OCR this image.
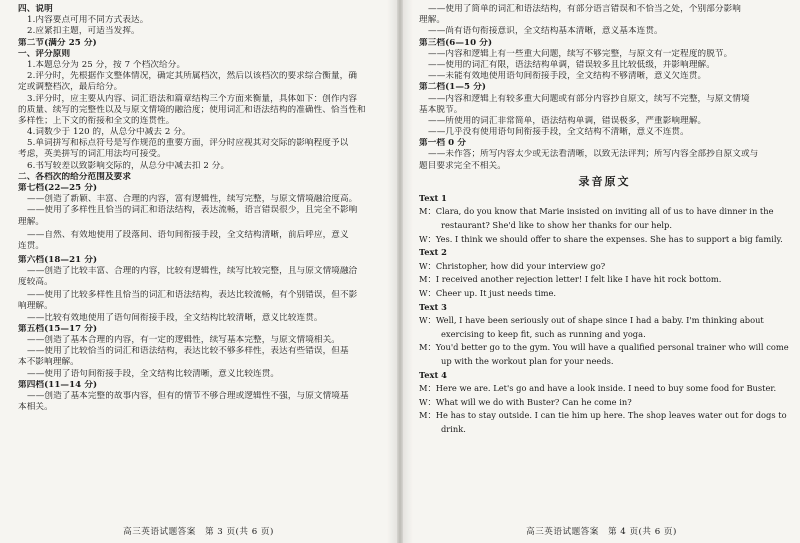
四、说明
1.内容要点可用不同方式表达。
2.应紧扣主题，可适当发挥。
第二节(满分 25 分)
一、评分原则
1.本题总分为 25 分，按 7 个档次给分。
2.评分时，先根据作文整体情况，确定其所属档次，然后以该档次的要求综合衡量，确
定或调整档次，最后给分。
3.评分时，应主要从内容、词汇语法和篇章结构三个方面来衡量，具体如下：创作内容
的质量、续写的完整性以及与原文情境的融洽度；使用词汇和语法结构的准确性、恰当性和
多样性；上下文的衔接和全文的连贯性。
4.词数少于 120 的，从总分中减去 2 分。
5.单词拼写和标点符号是写作规范的重要方面，评分时应视其对交际的影响程度予以
考虑，英美拼写的词汇用法均可接受。
6.书写较差以致影响交际的，从总分中减去扣 2 分。
二、各档次的给分范围及要求
第七档(22—25 分)
——创造了新颖、丰富、合理的内容，富有逻辑性，续写完整，与原文情境融洽度高。
——使用了多样性且恰当的词汇和语法结构，表达流畅，语言错误很少，且完全不影响
理解。
——自然、有效地使用了段落间、语句间衔接手段，全文结构清晰，前后呼应，意义
连贯。
第六档(18—21 分)
——创造了比较丰富、合理的内容，比较有逻辑性，续写比较完整，且与原文情境融洽
度较高。
——使用了比较多样性且恰当的词汇和语法结构，表达比较流畅，有个别错误，但不影
响理解。
——比较有效地使用了语句间衔接手段，全文结构比较清晰，意义比较连贯。
第五档(15—17 分)
——创造了基本合理的内容，有一定的逻辑性，续写基本完整，与原文情境相关。
——使用了比较恰当的词汇和语法结构，表达比较不够多样性，表达有些错误，但基
本不影响理解。
——使用了语句间衔接手段，全文结构比较清晰，意义比较连贯。
第四档(11—14 分)
——创造了基本完整的故事内容，但有的情节不够合理或逻辑性不强，与原文情境基
本相关。
高三英语试题答案　第 3 页(共 6 页)
——使用了简单的词汇和语法结构，有部分语言错误和不恰当之处，个别部分影响
理解。
——尚有语句衔接意识，全文结构基本清晰，意义基本连贯。
第三档(6—10 分)
——内容和逻辑上有一些重大问题，续写不够完整，与原文有一定程度的脱节。
——使用的词汇有限，语法结构单调，错误较多且比较低级，并影响理解。
——未能有效地使用语句间衔接手段，全文结构不够清晰，意义欠连贯。
第二档(1—5 分)
——内容和逻辑上有较多重大问题或有部分内容抄自原文，续写不完整，与原文情境
基本脱节。
——所使用的词汇非常简单，语法结构单调，错误极多，严重影响理解。
——几乎没有使用语句间衔接手段，全文结构不清晰，意义不连贯。
第一档 0 分
——未作答；所写内容太少或无法看清晰，以致无法评判；所写内容全部抄自原文或与
题目要求完全不相关。
录音原文
Text 1
M：Clara, do you know that Marie insisted on inviting all of us to have dinner in the
restaurant? She'd like to show her thanks for our help.
W：Yes. I think we should offer to share the expenses. She has to support a big family.
Text 2
W：Christopher, how did your interview go?
M：I received another rejection letter! I felt like I have hit rock bottom.
W：Cheer up. It just needs time.
Text 3
W：Well, I have been seriously out of shape since I had a baby. I'm thinking about
exercising to keep fit, such as running and yoga.
M：You'd better go to the gym. You will have a qualified personal trainer who will come
up with the workout plan for your needs.
Text 4
M：Here we are. Let's go and have a look inside. I need to buy some food for Buster.
W：What will we do with Buster? Can he come in?
M：He has to stay outside. I can tie him up here. The shop leaves water out for dogs to
drink.
高三英语试题答案　第 4 页(共 6 页)
